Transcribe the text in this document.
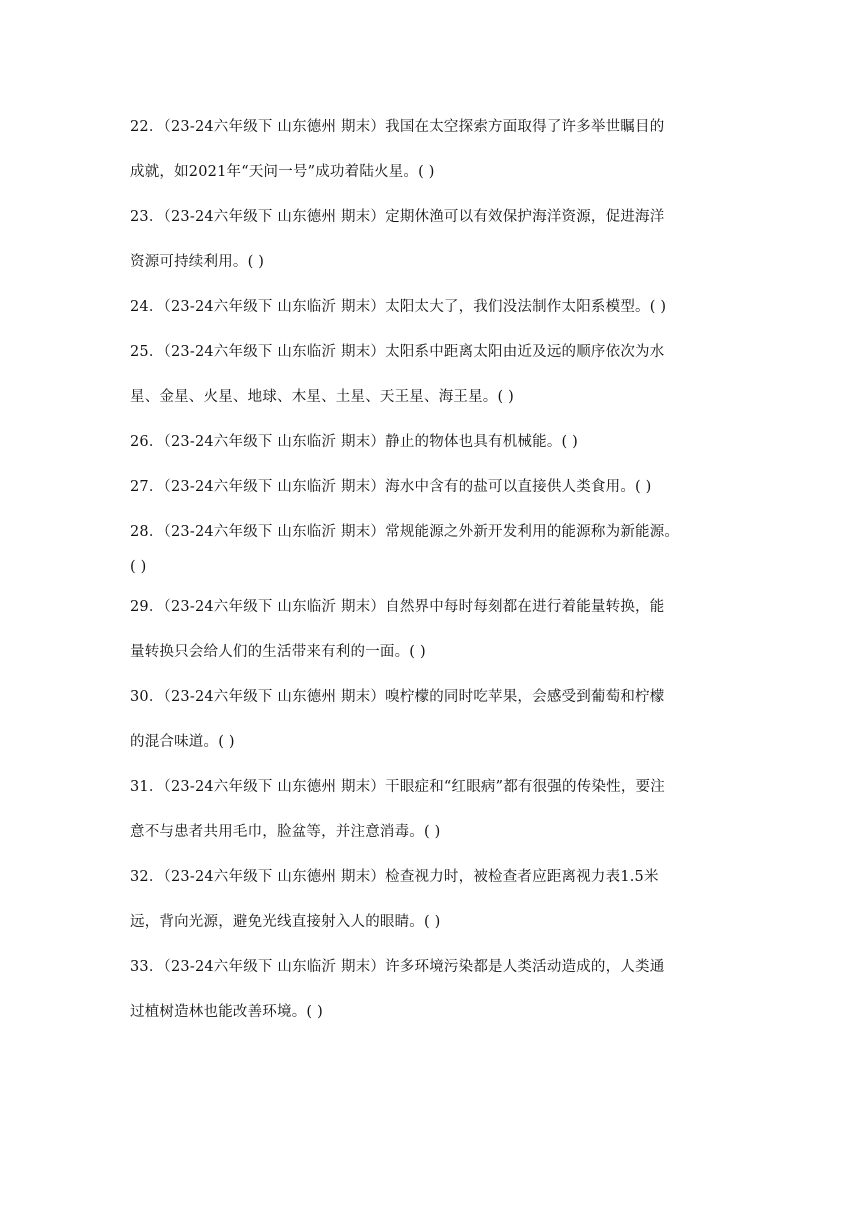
22．（23-24六年级下 山东德州 期末）我国在太空探索方面取得了许多举世瞩目的
成就，如2021年“天问一号”成功着陆火星。( )
23．（23-24六年级下 山东德州 期末）定期休渔可以有效保护海洋资源，促进海洋
资源可持续利用。( )
24．（23-24六年级下 山东临沂 期末）太阳太大了，我们没法制作太阳系模型。( )
25．（23-24六年级下 山东临沂 期末）太阳系中距离太阳由近及远的顺序依次为水
星、金星、火星、地球、木星、土星、天王星、海王星。( )
26．（23-24六年级下 山东临沂 期末）静止的物体也具有机械能。( )
27．（23-24六年级下 山东临沂 期末）海水中含有的盐可以直接供人类食用。( )
28．（23-24六年级下 山东临沂 期末）常规能源之外新开发利用的能源称为新能源。
( )
29．（23-24六年级下 山东临沂 期末）自然界中每时每刻都在进行着能量转换，能
量转换只会给人们的生活带来有利的一面。( )
30．（23-24六年级下 山东德州 期末）嗅柠檬的同时吃苹果，会感受到葡萄和柠檬
的混合味道。( )
31．（23-24六年级下 山东德州 期末）干眼症和“红眼病”都有很强的传染性，要注
意不与患者共用毛巾，脸盆等，并注意消毒。( )
32．（23-24六年级下 山东德州 期末）检查视力时，被检查者应距离视力表1.5米
远，背向光源，避免光线直接射入人的眼睛。( )
33．（23-24六年级下 山东临沂 期末）许多环境污染都是人类活动造成的，人类通
过植树造林也能改善环境。( )
